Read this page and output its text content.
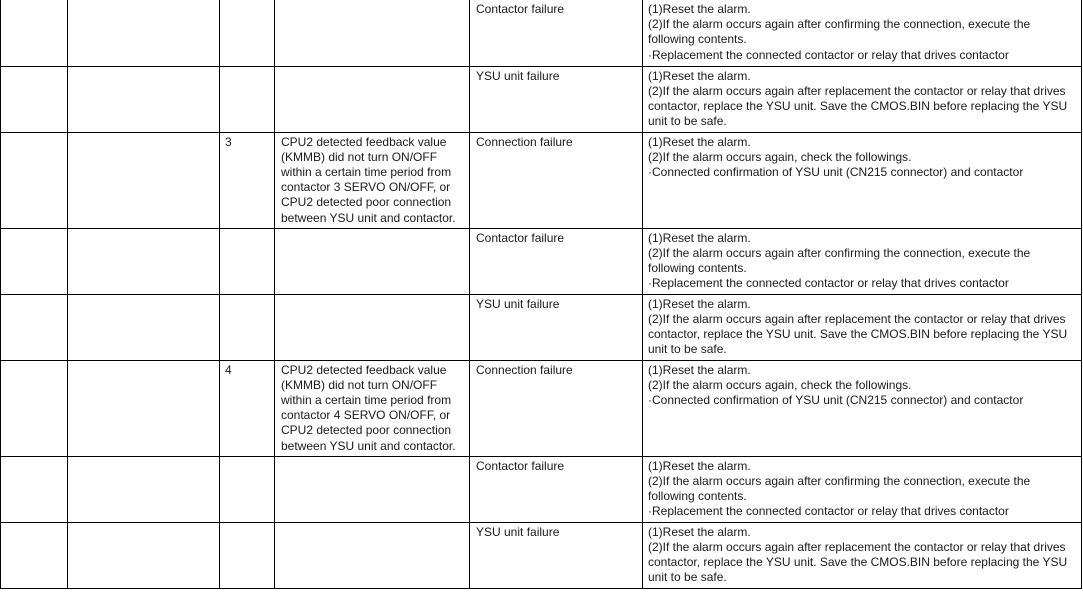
				Contactor failure	(1)Reset the alarm.
(2)If the alarm occurs again after confirming the connection, execute the following contents.
·Replacement the connected contactor or relay that drives contactor

				YSU unit failure	(1)Reset the alarm.
(2)If the alarm occurs again after replacement the contactor or relay that drives contactor, replace the YSU unit. Save the CMOS.BIN before replacing the YSU unit to be safe.

		3	CPU2 detected feedback value (KMMB) did not turn ON/OFF within a certain time period from contactor 3 SERVO ON/OFF, or CPU2 detected poor connection between YSU unit and contactor.	Connection failure	(1)Reset the alarm.
(2)If the alarm occurs again, check the followings.
·Connected confirmation of YSU unit (CN215 connector) and contactor

				Contactor failure	(1)Reset the alarm.
(2)If the alarm occurs again after confirming the connection, execute the following contents.
·Replacement the connected contactor or relay that drives contactor

				YSU unit failure	(1)Reset the alarm.
(2)If the alarm occurs again after replacement the contactor or relay that drives contactor, replace the YSU unit. Save the CMOS.BIN before replacing the YSU unit to be safe.

		4	CPU2 detected feedback value (KMMB) did not turn ON/OFF within a certain time period from contactor 4 SERVO ON/OFF, or CPU2 detected poor connection between YSU unit and contactor.	Connection failure	(1)Reset the alarm.
(2)If the alarm occurs again, check the followings.
·Connected confirmation of YSU unit (CN215 connector) and contactor

				Contactor failure	(1)Reset the alarm.
(2)If the alarm occurs again after confirming the connection, execute the following contents.
·Replacement the connected contactor or relay that drives contactor

				YSU unit failure	(1)Reset the alarm.
(2)If the alarm occurs again after replacement the contactor or relay that drives contactor, replace the YSU unit. Save the CMOS.BIN before replacing the YSU unit to be safe.
